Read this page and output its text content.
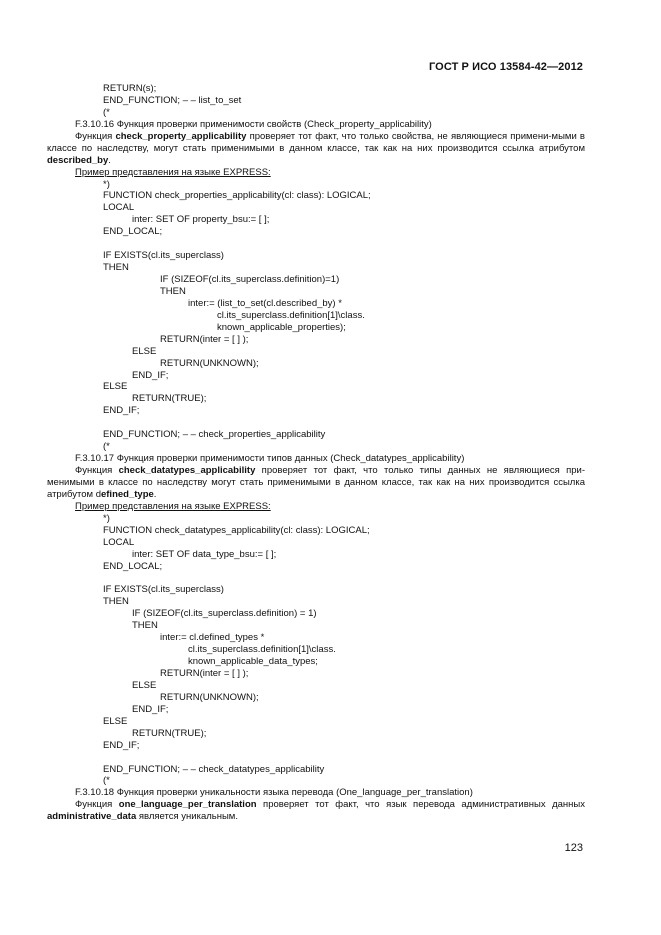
ГОСТ Р ИСО 13584-42—2012
RETURN(s);
END_FUNCTION; – – list_to_set
(*
F.3.10.16 Функция проверки применимости свойств (Check_property_applicability)
Функция check_property_applicability проверяет тот факт, что только свойства, не являющиеся примени-мыми в классе по наследству, могут стать применимыми в данном классе, так как на них производится ссылка атрибутом described_by.
Пример представления на языке EXPRESS:
*)
FUNCTION check_properties_applicability(cl: class): LOGICAL;
LOCAL
inter: SET OF property_bsu:= [ ];
END_LOCAL;
IF EXISTS(cl.its_superclass)
THEN
IF (SIZEOF(cl.its_superclass.definition)=1)
THEN
inter:= (list_to_set(cl.described_by) *
cl.its_superclass.definition[1]\class.
known_applicable_properties);
RETURN(inter = [ ] );
ELSE
RETURN(UNKNOWN);
END_IF;
ELSE
RETURN(TRUE);
END_IF;
END_FUNCTION; – – check_properties_applicability
(*
F.3.10.17 Функция проверки применимости типов данных (Check_datatypes_applicability)
Функция check_datatypes_applicability проверяет тот факт, что только типы данных не являющиеся при-менимыми в классе по наследству могут стать применимыми в данном классе, так как на них производится ссылка атрибутом defined_type.
Пример представления на языке EXPRESS:
*)
FUNCTION check_datatypes_applicability(cl: class): LOGICAL;
LOCAL
inter: SET OF data_type_bsu:= [ ];
END_LOCAL;
IF EXISTS(cl.its_superclass)
THEN
IF (SIZEOF(cl.its_superclass.definition) = 1)
THEN
inter:= cl.defined_types *
cl.its_superclass.definition[1]\class.
known_applicable_data_types;
RETURN(inter = [ ] );
ELSE
RETURN(UNKNOWN);
END_IF;
ELSE
RETURN(TRUE);
END_IF;
END_FUNCTION; – – check_datatypes_applicability
(*
F.3.10.18 Функция проверки уникальности языка перевода (One_language_per_translation)
Функция one_language_per_translation проверяет тот факт, что язык перевода административных данных administrative_data является уникальным.
123
